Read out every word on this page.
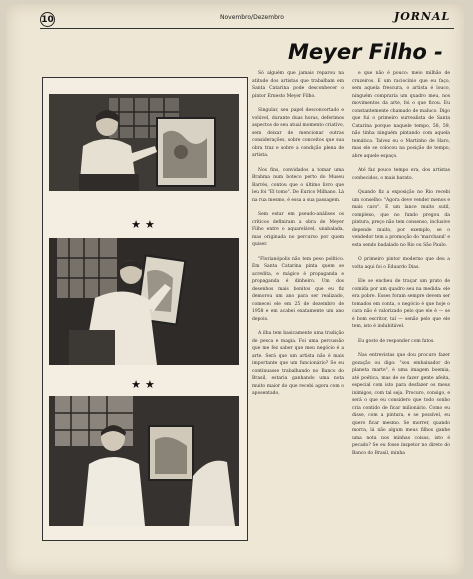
10	Novembro/Dezembro	JORNAL
Meyer Filho -
★★
★★

Só alguém que jamais reparou na atitude dos artistas que trabalham em Santa Catarina pode desconhecer o pintor Ernesto Meyer Filho.

Singular, seu papel desconcertado e volúvel, durante duas horas, deferimos aspectos de seu atual momento criativo, sem deixar de mencionar outras considerações, sobre conceitos que sua obra traz e sobre a condição plena de artista.

Nos fins, convidados a tomar uma Brahma num boteco perto do Museu Barrés, contou que o último livro que leu foi "El tomo". De Eurico Milhano. Lá na rua mesmo, é essa a sua passagem.

Sem estar em pseudo-análises os críticos definiram a obra de Meyer Filho entre o aquarelável, unabalada, mas originada no percurso por quem quiser.

"Florianópolis não tem peso político. Em Santa Catarina pinta quem se acredita, e mágico é propaganda e propaganda é dinheiro. Um dos desenhos mais bonitos que eu fiz demorou um ano para ser realizado, comecei ele em 25 de dezembro de 1958 e em acabei exatamente um ano depois.

A ilha tem basicamente uma tradição de pesca e magia. Foi uma percussão que me fez saber que meu negócio é a arte. Será que um artista não é mais importante que um funcionário? Se eu continuasse trabalhando no Banco do Brasil, estaria ganhando uma nota muito maior do que recebi agora com o aposentado,

e que não é pouco: meio milhão de cruzeiros. E um raciocínio que eu faço, sem aquela frescura, o artista é louco, ninguém compraria um quadro meu, nos movimentos da arte, foi o que ficou. Eu constantemente chamado de maluco. Digo que fui o primeiro surrealista de Santa Catarina porque naquele tempo, 58, 59, não tinha ninguém pintando com aquela temática. Talvez eu o Martinho de Haro, mas ele se colocou na posição de tempo, abre aquele espaço.

Até faz pouco tempo era, dos artistas conhecidos, o mais barato.

Quando fiz a exposição no Rio recebi um conselho: "Agora deve vender menos e mais caro". E um lance muito sutil, complexo, que no fundo pregou da pintura, preço não tem consenso, inclusive depende muito, por exemplo, se o vendedor tem a promoção do 'marchand' e esta sendo badalado no Rio ou São Paulo.

O primeiro pintor moderno que deu a volta aqui foi o Eduardo Dias.

Ele se encheu de traçar um prato de comida por um quadro seu na medida: ele era pobre. Esses foram sempre devem ser tomados em conta, o negócio é que hoje o cara não é valorizado pelo que ele é — se é bom escritor, tal — senão pelo que ele tem, isto é indubitável.

Eu gosto de responder com fatos.

Nas entrevistas que dou procuro fazer gozação ou digo: "sou embaixador do planeta marte", é uma imagem boemia, até poética, mas de se fazer gente afeita, especial com isto para desfazer os meus inimigos, com tal seja. Procuro, consigo, e será o que eu considero que todo sonho cria contido de ficar milionário. Como eu disse, com a pintura, e se possível, eu quero ficar mesmo. Se morrer, quando morra, lá não algum meus filhos ganhe uma nota nos minhas coisas, isto é pecado? Se eu fosse inspetor no direto do Banco do Brasil, minha
